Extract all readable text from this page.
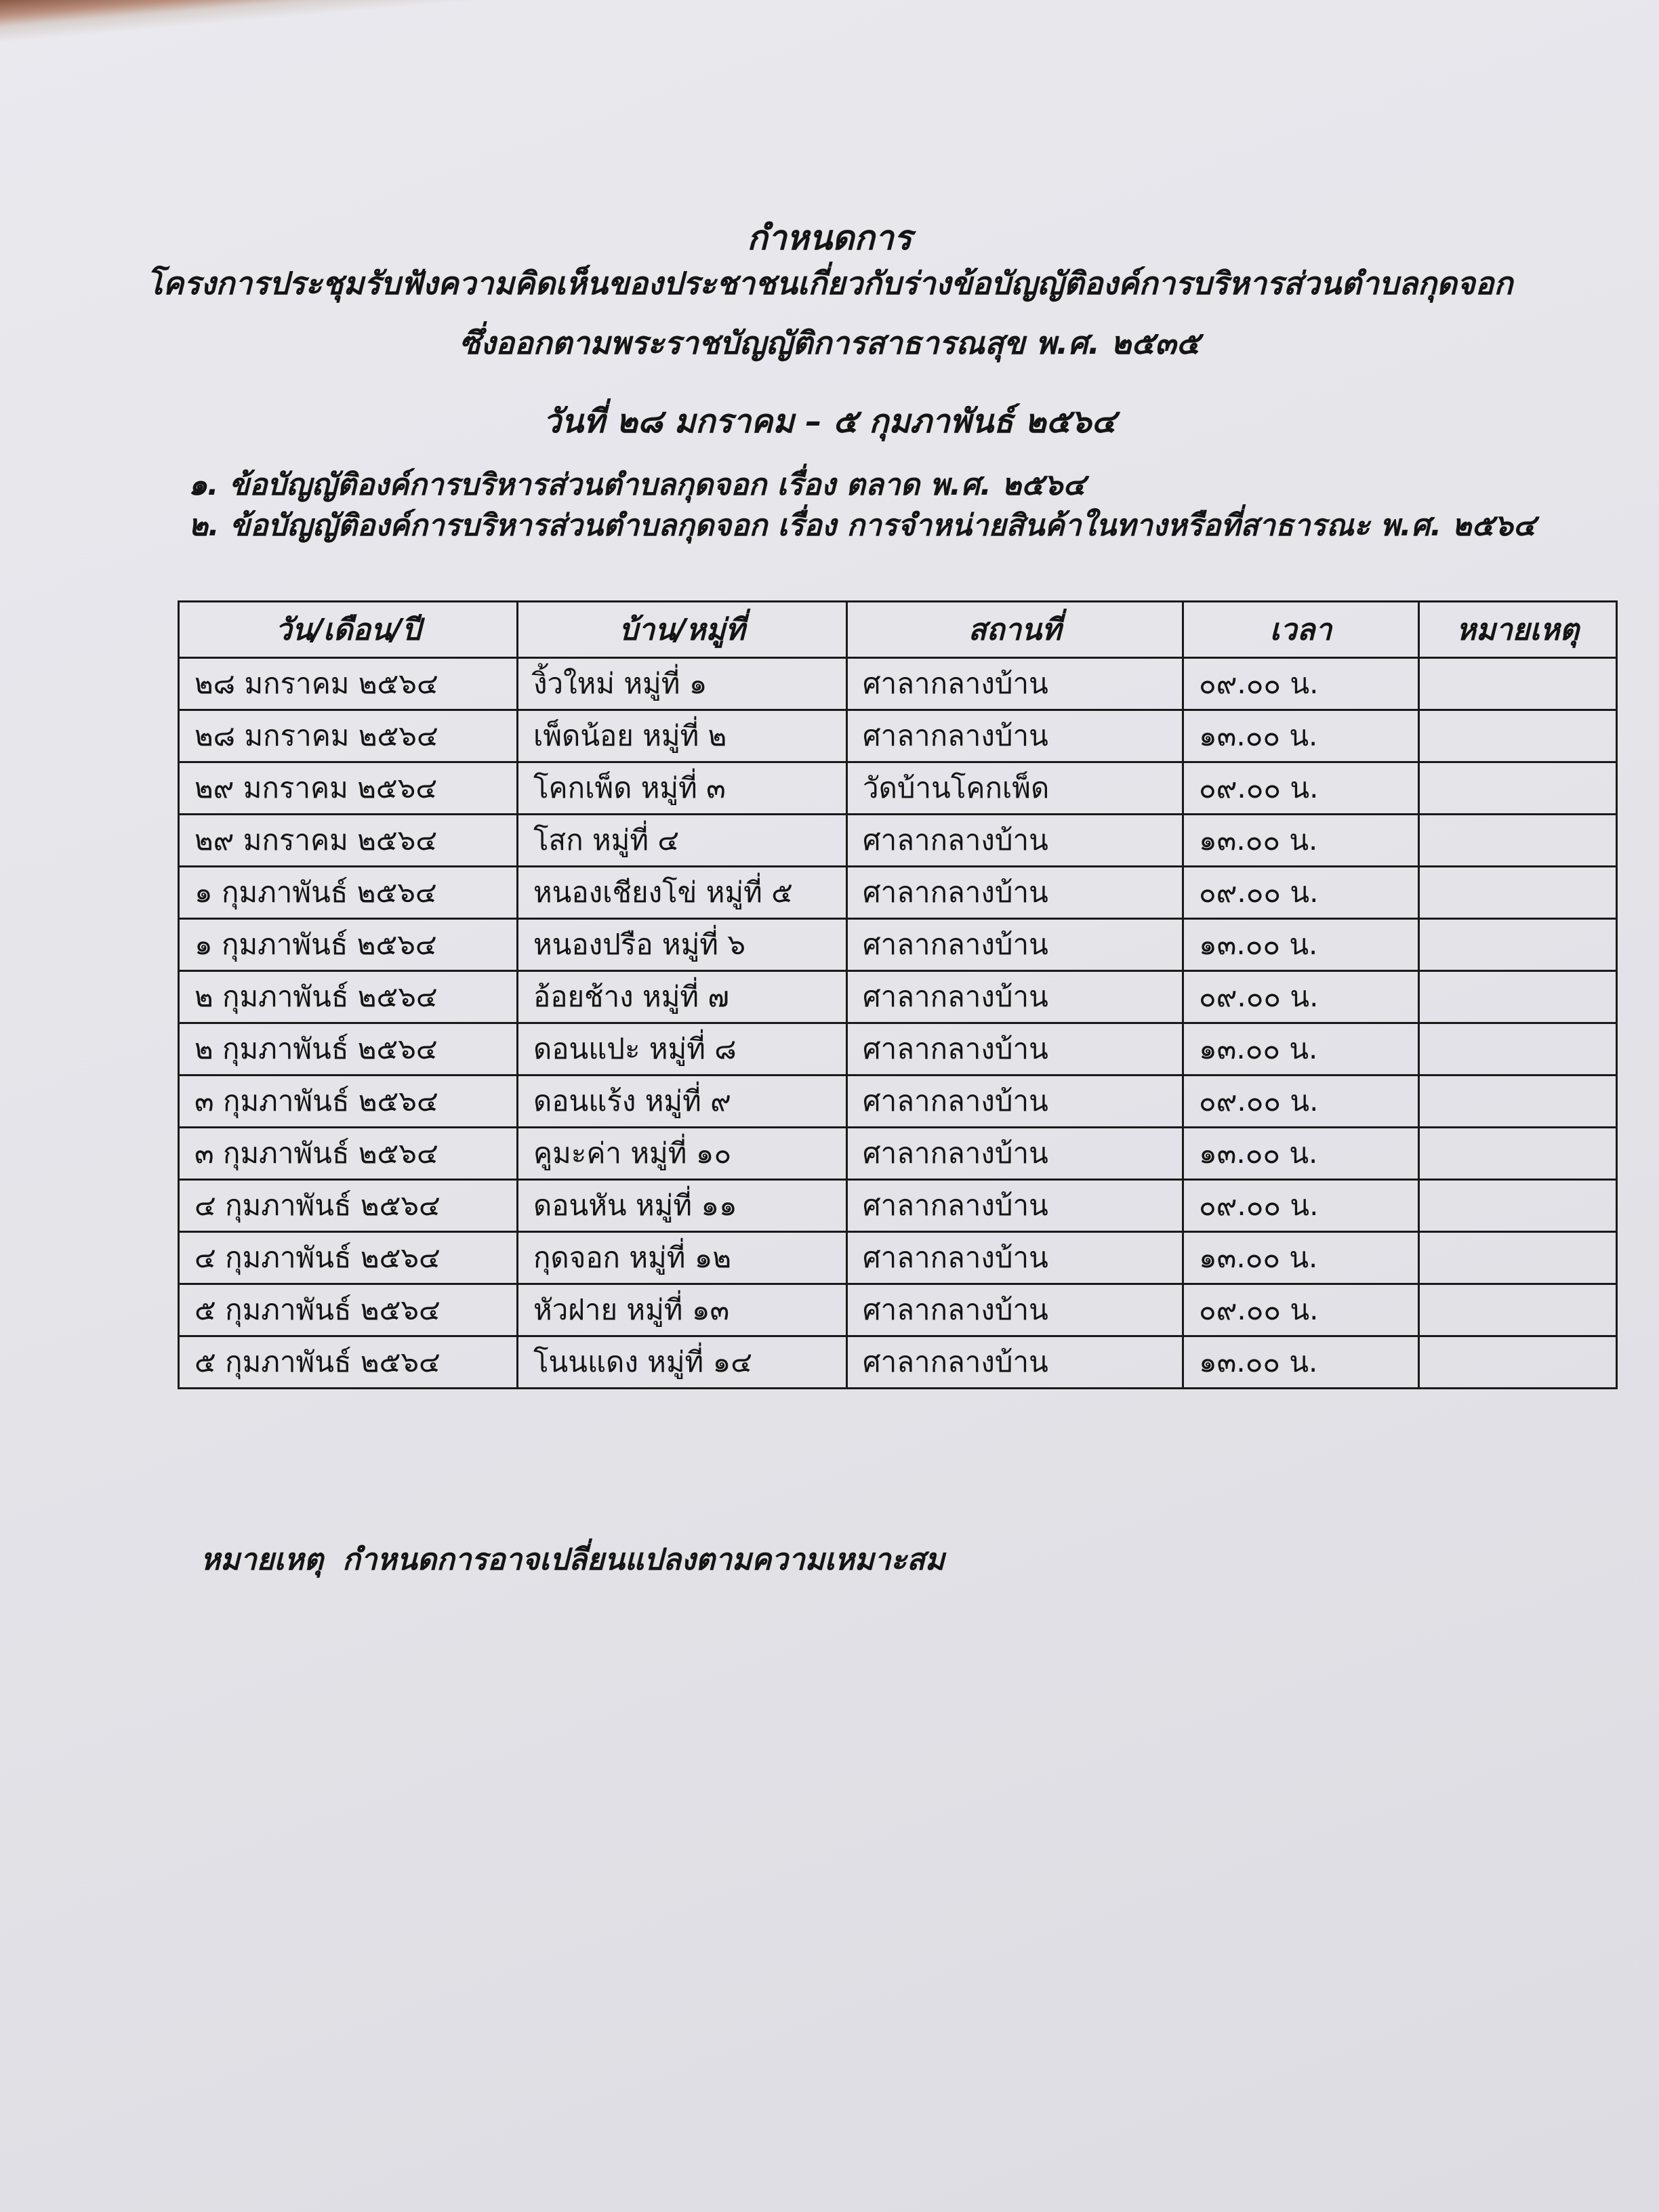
กำหนดการ
โครงการประชุมรับฟังความคิดเห็นของประชาชนเกี่ยวกับร่างข้อบัญญัติองค์การบริหารส่วนตำบลกุดจอก
ซึ่งออกตามพระราชบัญญัติการสาธารณสุข พ.ศ. ๒๕๓๕
วันที่ ๒๘ มกราคม – ๕ กุมภาพันธ์ ๒๕๖๔
๑. ข้อบัญญัติองค์การบริหารส่วนตำบลกุดจอก เรื่อง ตลาด พ.ศ. ๒๕๖๔
๒. ข้อบัญญัติองค์การบริหารส่วนตำบลกุดจอก เรื่อง การจำหน่ายสินค้าในทางหรือที่สาธารณะ พ.ศ. ๒๕๖๔
วัน/เดือน/ปี	บ้าน/หมู่ที่	สถานที่	เวลา	หมายเหตุ
๒๘ มกราคม ๒๕๖๔	งิ้วใหม่ หมู่ที่ ๑	ศาลากลางบ้าน	๐๙.๐๐ น.	
๒๘ มกราคม ๒๕๖๔	เพ็ดน้อย หมู่ที่ ๒	ศาลากลางบ้าน	๑๓.๐๐ น.	
๒๙ มกราคม ๒๕๖๔	โคกเพ็ด หมู่ที่ ๓	วัดบ้านโคกเพ็ด	๐๙.๐๐ น.	
๒๙ มกราคม ๒๕๖๔	โสก หมู่ที่ ๔	ศาลากลางบ้าน	๑๓.๐๐ น.	
๑ กุมภาพันธ์ ๒๕๖๔	หนองเชียงโข่ หมู่ที่ ๕	ศาลากลางบ้าน	๐๙.๐๐ น.	
๑ กุมภาพันธ์ ๒๕๖๔	หนองปรือ หมู่ที่ ๖	ศาลากลางบ้าน	๑๓.๐๐ น.	
๒ กุมภาพันธ์ ๒๕๖๔	อ้อยช้าง หมู่ที่ ๗	ศาลากลางบ้าน	๐๙.๐๐ น.	
๒ กุมภาพันธ์ ๒๕๖๔	ดอนแปะ หมู่ที่ ๘	ศาลากลางบ้าน	๑๓.๐๐ น.	
๓ กุมภาพันธ์ ๒๕๖๔	ดอนแร้ง หมู่ที่ ๙	ศาลากลางบ้าน	๐๙.๐๐ น.	
๓ กุมภาพันธ์ ๒๕๖๔	คูมะค่า หมู่ที่ ๑๐	ศาลากลางบ้าน	๑๓.๐๐ น.	
๔ กุมภาพันธ์ ๒๕๖๔	ดอนหัน หมู่ที่ ๑๑	ศาลากลางบ้าน	๐๙.๐๐ น.	
๔ กุมภาพันธ์ ๒๕๖๔	กุดจอก หมู่ที่ ๑๒	ศาลากลางบ้าน	๑๓.๐๐ น.	
๕ กุมภาพันธ์ ๒๕๖๔	หัวฝาย หมู่ที่ ๑๓	ศาลากลางบ้าน	๐๙.๐๐ น.	
๕ กุมภาพันธ์ ๒๕๖๔	โนนแดง หมู่ที่ ๑๔	ศาลากลางบ้าน	๑๓.๐๐ น.	
หมายเหตุ กำหนดการอาจเปลี่ยนแปลงตามความเหมาะสม
